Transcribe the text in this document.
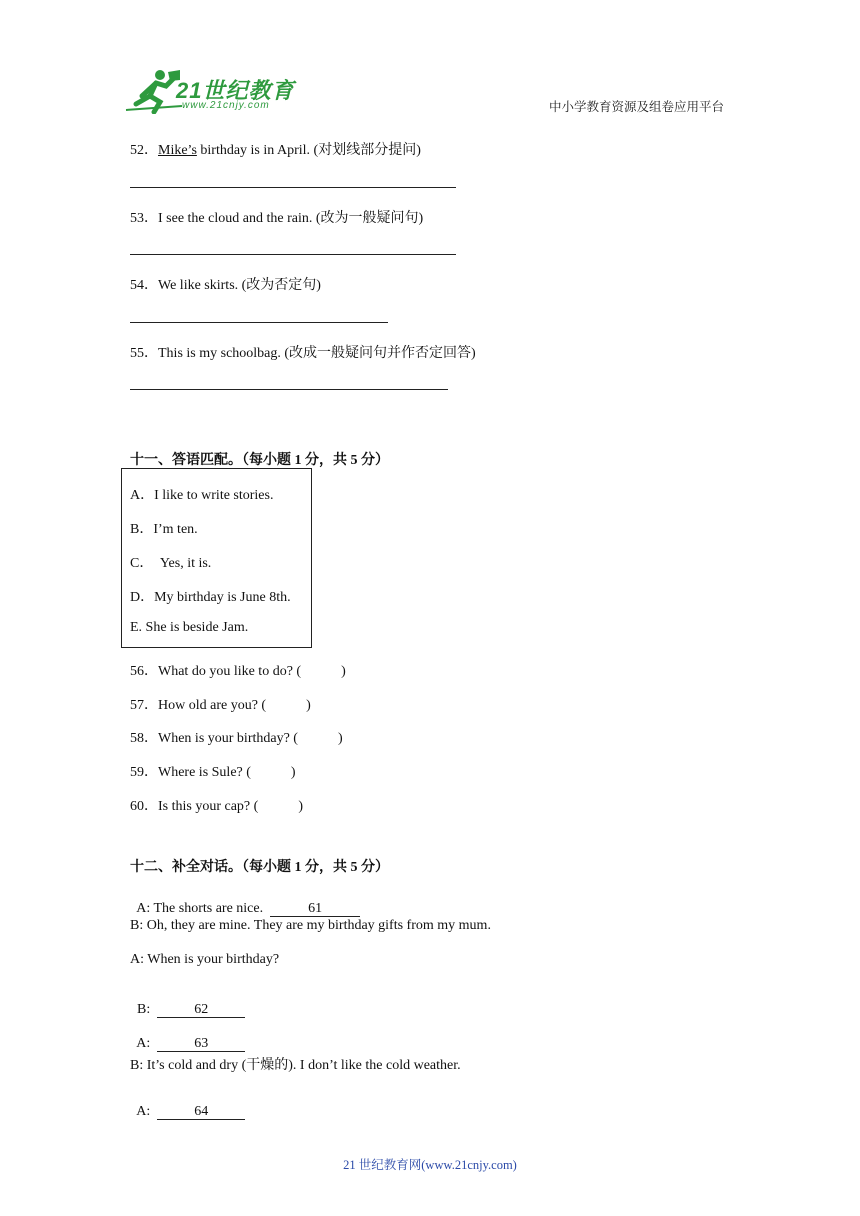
21世纪教育
www.21cnjy.com	中小学教育资源及组卷应用平台
52．Mike’s birthday is in April. (对划线部分提问)
53．I see the cloud and the rain. (改为一般疑问句)
54．We like skirts. (改为否定句)
55．This is my schoolbag. (改成一般疑问句并作否定回答)
十一、答语匹配。（每小题 1 分，共 5 分）
A．I like to write stories.
B．I’m ten.
C．  Yes, it is.
D．My birthday is June 8th.
E. She is beside Jam.
56．What do you like to do? (	)
57．How old are you? (	)
58．When is your birthday? (	)
59．Where is Sule? (	)
60．Is this your cap? (	)
十二、补全对话。（每小题 1 分，共 5 分）

A: The shorts are nice.	61

B: Oh, they are mine. They are my birthday gifts from my mum.
A: When is your birthday?

B:	62

A:	63

B: It’s cold and dry (干燥的). I don’t like the cold weather.

A:	64

21 世纪教育网(www.21cnjy.com)
